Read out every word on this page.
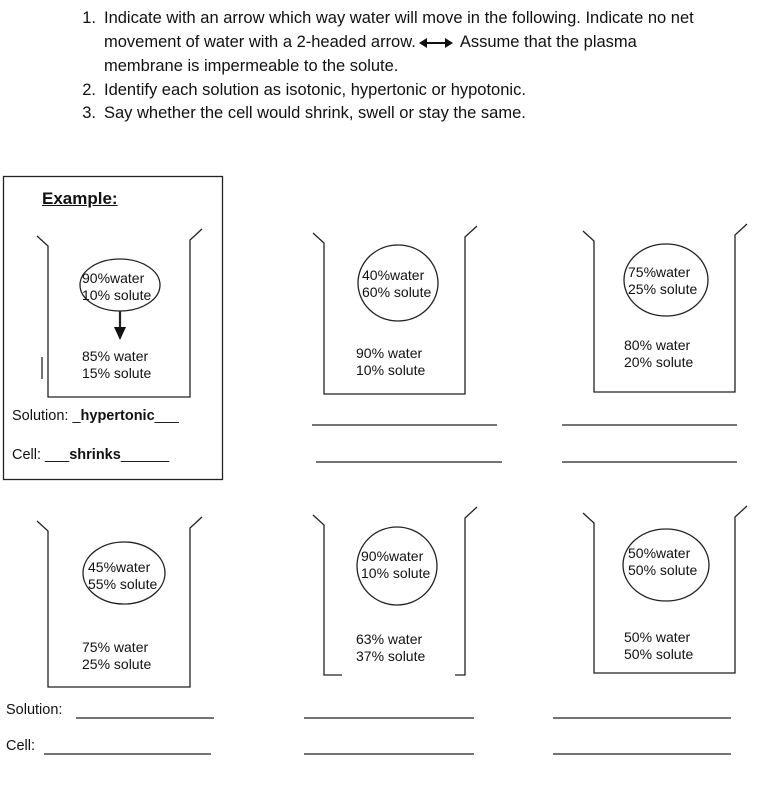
1. Indicate with an arrow which way water will move in the following. Indicate no net
movement of water with a 2-headed arrow.	Assume that the plasma
membrane is impermeable to the solute.
2. Identify each solution as isotonic, hypertonic or hypotonic.
3. Say whether the cell would shrink, swell or stay the same.
Example:
90%water
10% solute
85% water
15% solute
Solution: _hypertonic___
Cell: ___shrinks______
40%water
60% solute
90% water
10% solute
75%water
25% solute
80% water
20% solute
45%water
55% solute
75% water
25% solute
90%water
10% solute
63% water
37% solute
50%water
50% solute
50% water
50% solute
Solution:
Cell:
